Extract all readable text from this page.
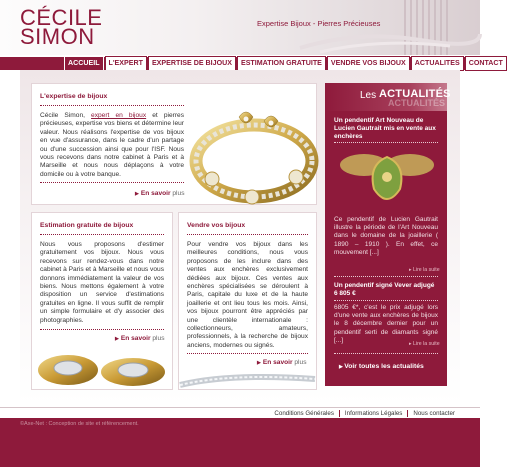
CÉCILE
SIMON
Expertise Bijoux - Pierres Précieuses
ACCUEIL	L'EXPERT	EXPERTISE DE BIJOUX	ESTIMATION GRATUITE	VENDRE VOS BIJOUX	ACTUALITES	CONTACT
L'expertise de bijoux
Cécile Simon, expert en bijoux et pierres précieuses, expertise vos biens et détermine leur valeur. Nous réalisons l'expertise de vos bijoux en vue d'assurance, dans le cadre d'un partage ou d'une succession ainsi que pour l'ISF. Nous vous recevons dans notre cabinet à Paris et à Marseille et nous nous déplaçons à votre domicile ou à votre banque.
▶ En savoir plus
Estimation gratuite de bijoux
Nous vous proposons d'estimer gratuitement vos bijoux. Nous vous recevons sur rendez-vous dans notre cabinet à Paris et à Marseille et nous vous donnons immédiatement la valeur de vos biens. Nous mettons également à votre disposition un service d'estimations gratuites en ligne. Il vous suffit de remplir un simple formulaire et d'y associer des photographies.
▶ En savoir plus
Vendre vos bijoux
Pour vendre vos bijoux dans les meilleures conditions, nous vous proposons de les inclure dans des ventes aux enchères exclusivement dédiées aux bijoux. Ces ventes aux enchères spécialisées se déroulent à Paris, capitale du luxe et de la haute joaillerie et ont lieu tous les mois. Ainsi, vos bijoux pourront être appréciés par une clientèle internationale : collectionneurs, amateurs, professionnels, à la recherche de bijoux anciens, modernes ou signés.
▶ En savoir plus
Les ACTUALITÉS
ACTUALITÉS
Un pendentif Art Nouveau de Lucien Gautrait mis en vente aux enchères
Ce pendentif de Lucien Gautrait illustre la période de l'Art Nouveau dans le domaine de la joaillerie ( 1890 – 1910 ). En effet, ce mouvement [...]
▸ Lire la suite
Un pendentif signé Vever adjugé 6 805 €
6805 €*, c'est le prix adjugé lors d'une vente aux enchères de bijoux le 8 décembre dernier pour un pendentif serti de diamants signé [...]
▸ Lire la suite
▶ Voir toutes les actualités
Conditions Générales	Informations Légales	Nous contacter
©Axe-Net : Conception de site et référencement.
